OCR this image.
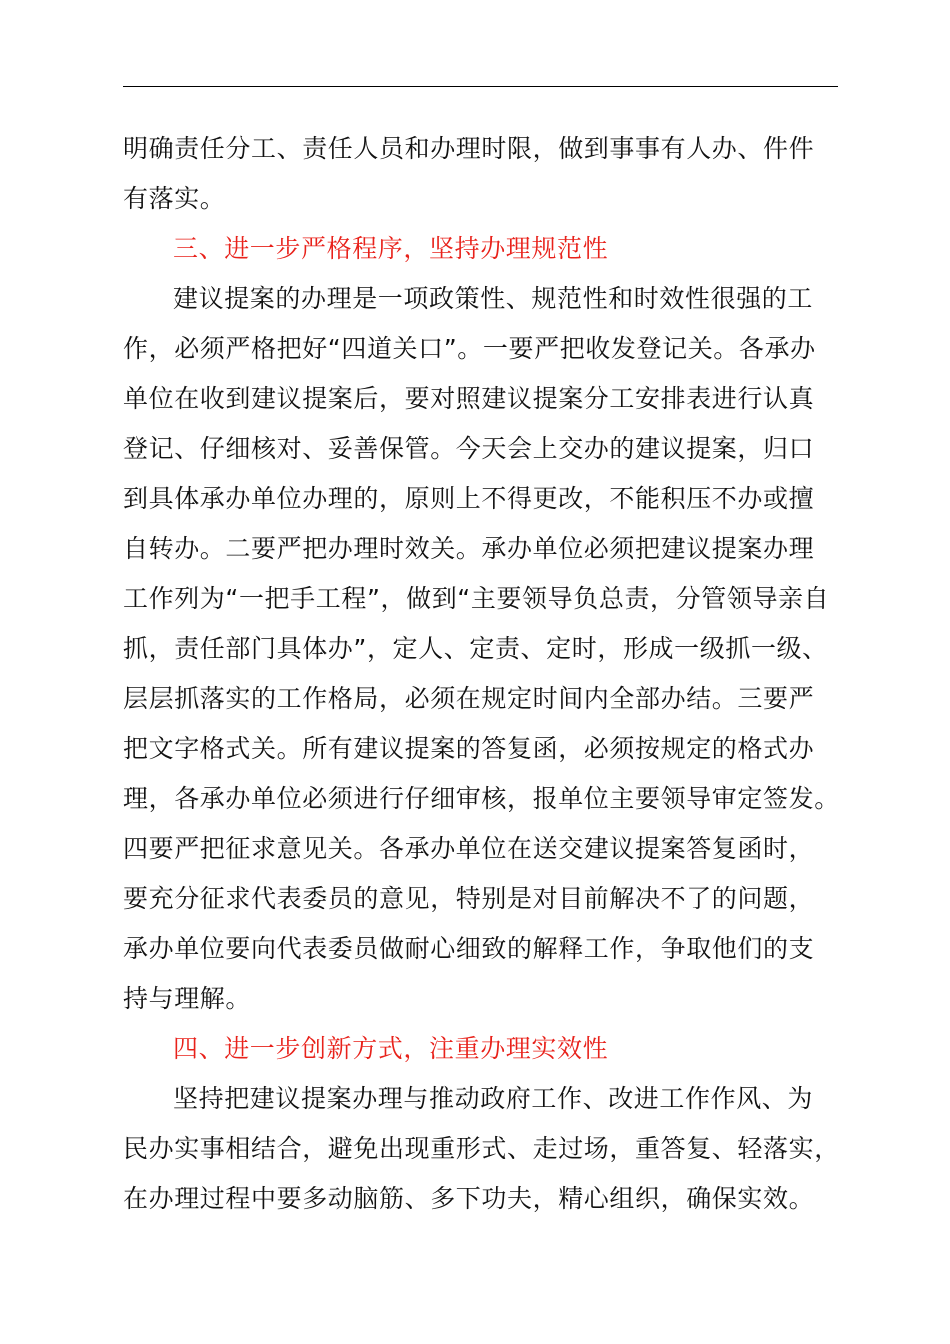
明确责任分工、责任人员和办理时限，做到事事有人办、件件
有落实。
三、进一步严格程序，坚持办理规范性
建议提案的办理是一项政策性、规范性和时效性很强的工
作，必须严格把好“四道关口”。一要严把收发登记关。各承办
单位在收到建议提案后，要对照建议提案分工安排表进行认真
登记、仔细核对、妥善保管。今天会上交办的建议提案，归口
到具体承办单位办理的，原则上不得更改，不能积压不办或擅
自转办。二要严把办理时效关。承办单位必须把建议提案办理
工作列为“一把手工程”，做到“主要领导负总责，分管领导亲自
抓，责任部门具体办”，定人、定责、定时，形成一级抓一级、
层层抓落实的工作格局，必须在规定时间内全部办结。三要严
把文字格式关。所有建议提案的答复函，必须按规定的格式办
理，各承办单位必须进行仔细审核，报单位主要领导审定签发。
四要严把征求意见关。各承办单位在送交建议提案答复函时，
要充分征求代表委员的意见，特别是对目前解决不了的问题，
承办单位要向代表委员做耐心细致的解释工作，争取他们的支
持与理解。
四、进一步创新方式，注重办理实效性
坚持把建议提案办理与推动政府工作、改进工作作风、为
民办实事相结合，避免出现重形式、走过场，重答复、轻落实，
在办理过程中要多动脑筋、多下功夫，精心组织，确保实效。
